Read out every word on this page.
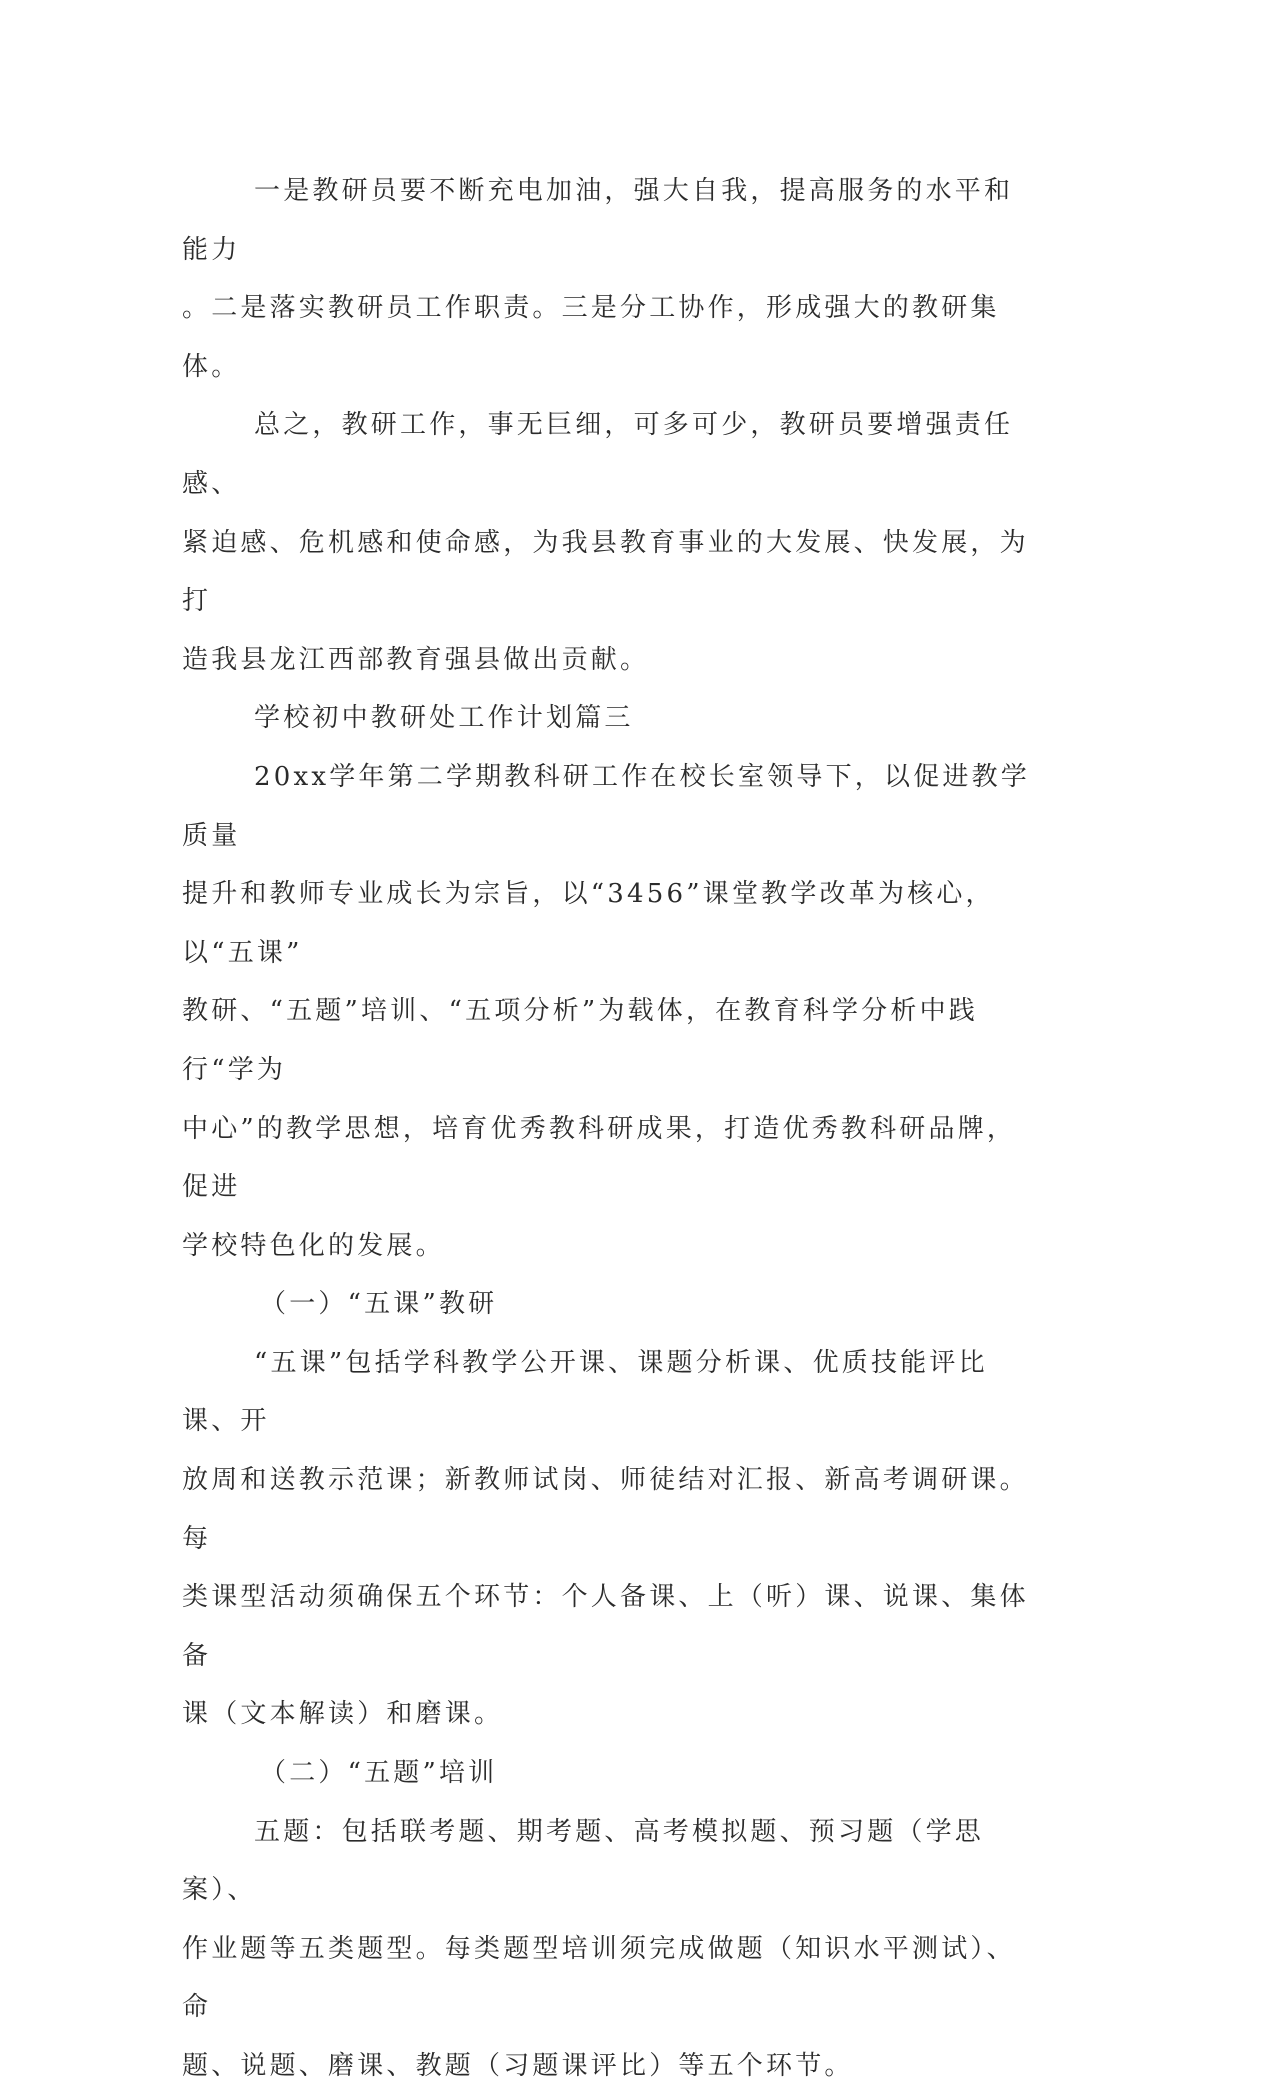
一是教研员要不断充电加油，强大自我，提高服务的水平和能力
。二是落实教研员工作职责。三是分工协作，形成强大的教研集体。

总之，教研工作，事无巨细，可多可少，教研员要增强责任感、
紧迫感、危机感和使命感，为我县教育事业的大发展、快发展，为打
造我县龙江西部教育强县做出贡献。

学校初中教研处工作计划篇三

20xx学年第二学期教科研工作在校长室领导下，以促进教学质量
提升和教师专业成长为宗旨，以“3456”课堂教学改革为核心，以“五课”
教研、“五题”培训、“五项分析”为载体，在教育科学分析中践行“学为
中心”的教学思想，培育优秀教科研成果，打造优秀教科研品牌，促进
学校特色化的发展。

（一）“五课”教研

“五课”包括学科教学公开课、课题分析课、优质技能评比课、开
放周和送教示范课；新教师试岗、师徒结对汇报、新高考调研课。每
类课型活动须确保五个环节：个人备课、上（听）课、说课、集体备
课（文本解读）和磨课。

（二）“五题”培训

五题：包括联考题、期考题、高考模拟题、预习题（学思案）、
作业题等五类题型。每类题型培训须完成做题（知识水平测试）、命
题、说题、磨课、教题（习题课评比）等五个环节。
